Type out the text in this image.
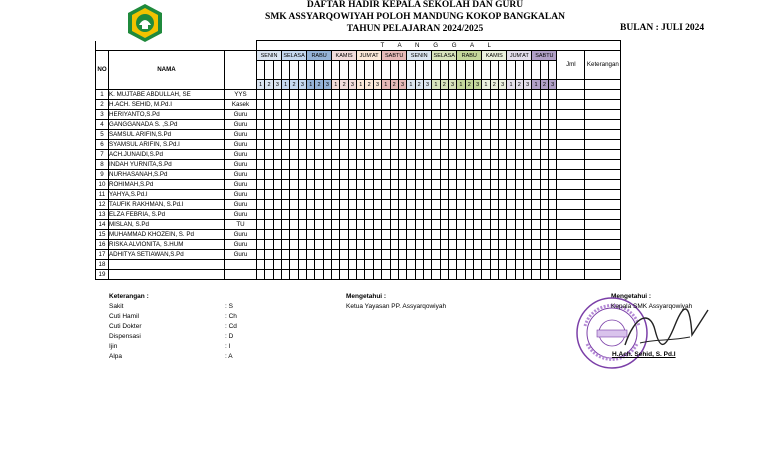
DAFTAR HADIR KEPALA SEKOLAH DAN GURU
SMK ASSYARQOWIYAH POLOH MANDUNG KOKOP BANGKALAN
TAHUN PELAJARAN 2024/2025	BULAN : JULI 2024
			T A N G G A L																																					
NO	NAMA		SENIN			SELASA			RABU			KAMIS			JUM'AT			SABTU			SENIN			SELASA			RABU			KAMIS			JUM'AT			SABTU			Jml	Keterangan

			1	2	3	1	2	3	1	2	3	1	2	3	1	2	3	1	2	3	1	2	3	1	2	3	1	2	3	1	2	3	1	2	3	1	2	3		
1	K. MUJTABE ABDULLAH, SE	YYS																																						
2	H.ACH. SEHID, M.Pd.I	Kasek																																						
3	HERIYANTO,S.Pd	Guru																																						
4	GANGGANADA S. ,S.Pd	Guru																																						
5	SAMSUL ARIFIN,S.Pd	Guru																																						
6	SYAMSUL ARIFIN, S.Pd.I	Guru																																						
7	ACH.JUNAIDI,S.Pd	Guru																																						
8	INDAH YURNITA,S.Pd	Guru																																						
9	NURHASANAH,S.Pd	Guru																																						
10	ROHIMAH,S.Pd	Guru																																						
11	YAHYA,S.Pd.I	Guru																																						
12	TAUFIK RAKHMAN, S.Pd.I	Guru																																						
13	ELZA FEBRIA, S.Pd	Guru																																						
14	MISLAN, S.Pd	TU																																						
15	MUHAMMAD KHOZEIN, S. Pd	Guru																																						
16	RISKA ALVIONITA, S.HUM	Guru																																						
17	ADHITYA SETIAWAN,S.Pd	Guru																																						
18																																								
19																																								
Keterangan :
Sakit	: S
Cuti Hamil	: Ch
Cuti Dokter	: Cd
Dispensasi	: D
Ijin	: I
Alpa	: A
Mengetahui :
Ketua Yayasan PP. Assyarqowiyah
Mengetahui :
Kepala SMK Assyarqowiyah
H.Ach. Sehid, S. Pd.I
